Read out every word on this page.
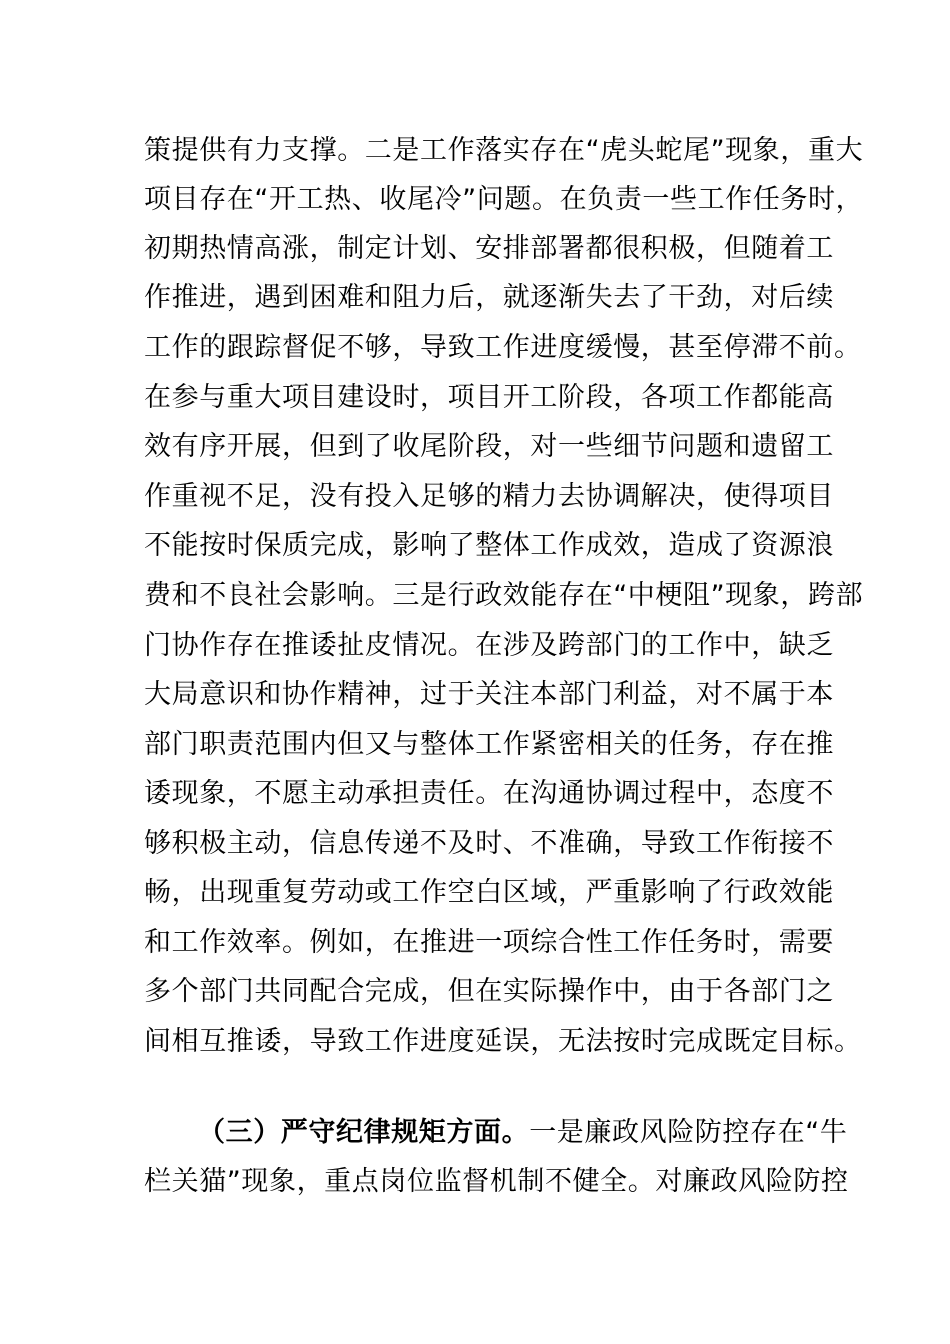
策提供有力支撑。二是工作落实存在“虎头蛇尾”现象，重大
项目存在“开工热、收尾冷”问题。在负责一些工作任务时，
初期热情高涨，制定计划、安排部署都很积极，但随着工
作推进，遇到困难和阻力后，就逐渐失去了干劲，对后续
工作的跟踪督促不够，导致工作进度缓慢，甚至停滞不前。
在参与重大项目建设时，项目开工阶段，各项工作都能高
效有序开展，但到了收尾阶段，对一些细节问题和遗留工
作重视不足，没有投入足够的精力去协调解决，使得项目
不能按时保质完成，影响了整体工作成效，造成了资源浪
费和不良社会影响。三是行政效能存在“中梗阻”现象，跨部
门协作存在推诿扯皮情况。在涉及跨部门的工作中，缺乏
大局意识和协作精神，过于关注本部门利益，对不属于本
部门职责范围内但又与整体工作紧密相关的任务，存在推
诿现象，不愿主动承担责任。在沟通协调过程中，态度不
够积极主动，信息传递不及时、不准确，导致工作衔接不
畅，出现重复劳动或工作空白区域，严重影响了行政效能
和工作效率。例如，在推进一项综合性工作任务时，需要
多个部门共同配合完成，但在实际操作中，由于各部门之
间相互推诿，导致工作进度延误，无法按时完成既定目标。
（三）严守纪律规矩方面。一是廉政风险防控存在“牛
栏关猫”现象，重点岗位监督机制不健全。对廉政风险防控
